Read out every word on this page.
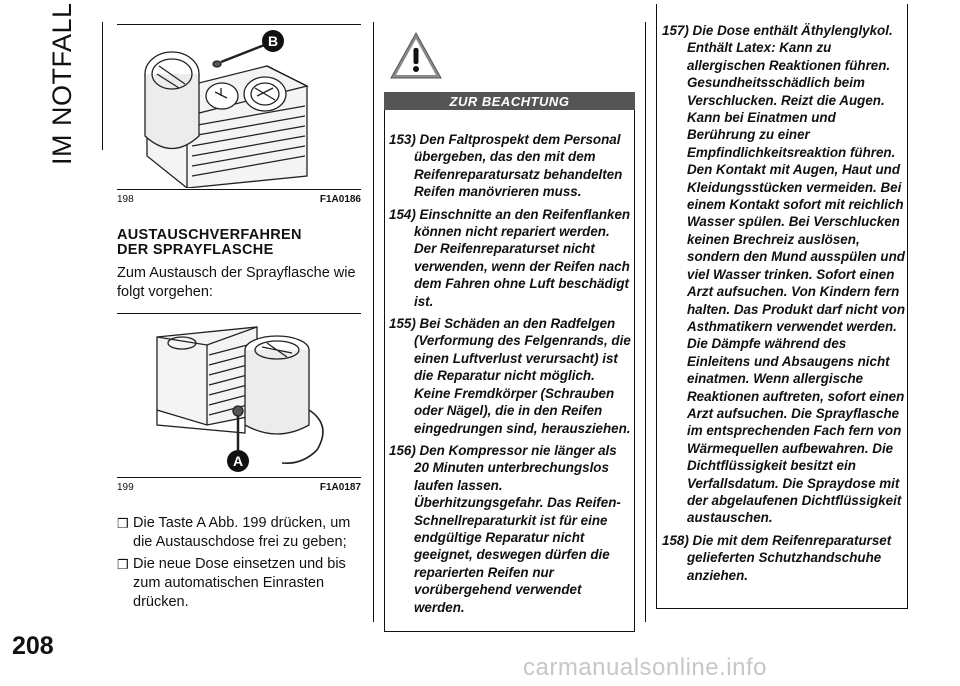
IM NOTFALL
208
B
198	F1A0186
AUSTAUSCHVERFAHREN
DER SPRAYFLASCHE
Zum Austausch der Sprayflasche wie folgt vorgehen:
A
199	F1A0187
❒ Die Taste A Abb. 199 drücken, um die Austauschdose frei zu geben;
❒ Die neue Dose einsetzen und bis zum automatischen Einrasten drücken.
ZUR BEACHTUNG
153) Den Faltprospekt dem Personal übergeben, das den mit dem Reifenreparatursatz behandelten Reifen manövrieren muss.
154) Einschnitte an den Reifenflanken können nicht repariert werden. Der Reifenreparaturset nicht verwenden, wenn der Reifen nach dem Fahren ohne Luft beschädigt ist.
155) Bei Schäden an den Radfelgen (Verformung des Felgenrands, die einen Luftverlust verursacht) ist die Reparatur nicht möglich. Keine Fremdkörper (Schrauben oder Nägel), die in den Reifen eingedrungen sind, herausziehen.
156) Den Kompressor nie länger als 20 Minuten unterbrechungslos laufen lassen. Überhitzungsgefahr. Das Reifen-Schnellreparaturkit ist für eine endgültige Reparatur nicht geeignet, deswegen dürfen die reparierten Reifen nur vorübergehend verwendet werden.
157) Die Dose enthält Äthylenglykol. Enthält Latex: Kann zu allergischen Reaktionen führen. Gesundheitsschädlich beim Verschlucken. Reizt die Augen. Kann bei Einatmen und Berührung zu einer Empfindlichkeitsreaktion führen. Den Kontakt mit Augen, Haut und Kleidungsstücken vermeiden. Bei einem Kontakt sofort mit reichlich Wasser spülen. Bei Verschlucken keinen Brechreiz auslösen, sondern den Mund ausspülen und viel Wasser trinken. Sofort einen Arzt aufsuchen. Von Kindern fern halten. Das Produkt darf nicht von Asthmatikern verwendet werden. Die Dämpfe während des Einleitens und Absaugens nicht einatmen. Wenn allergische Reaktionen auftreten, sofort einen Arzt aufsuchen. Die Sprayflasche im entsprechenden Fach fern von Wärmequellen aufbewahren. Die Dichtflüssigkeit besitzt ein Verfallsdatum. Die Spraydose mit der abgelaufenen Dichtflüssigkeit austauschen.
158) Die mit dem Reifenreparaturset gelieferten Schutzhandschuhe anziehen.
carmanualsonline.info
